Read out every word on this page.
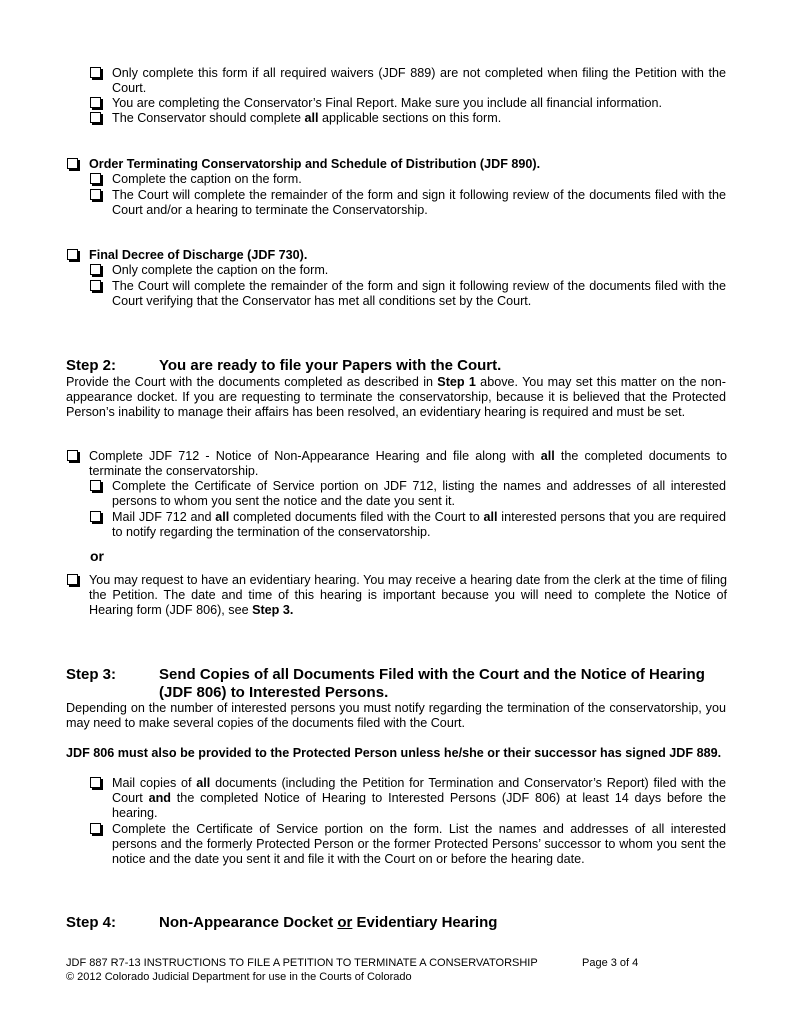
Only complete this form if all required waivers (JDF 889) are not completed when filing the Petition with the Court.
You are completing the Conservator’s Final Report. Make sure you include all financial information.
The Conservator should complete all applicable sections on this form.
Order Terminating Conservatorship and Schedule of Distribution (JDF 890).
Complete the caption on the form.
The Court will complete the remainder of the form and sign it following review of the documents filed with the Court and/or a hearing to terminate the Conservatorship.
Final Decree of Discharge (JDF 730).
Only complete the caption on the form.
The Court will complete the remainder of the form and sign it following review of the documents filed with the Court verifying that the Conservator has met all conditions set by the Court.
Step 2:	You are ready to file your Papers with the Court.
Provide the Court with the documents completed as described in Step 1 above. You may set this matter on the non-appearance docket. If you are requesting to terminate the conservatorship, because it is believed that the Protected Person’s inability to manage their affairs has been resolved, an evidentiary hearing is required and must be set.
Complete JDF 712 - Notice of Non-Appearance Hearing and file along with all the completed documents to terminate the conservatorship.
Complete the Certificate of Service portion on JDF 712, listing the names and addresses of all interested persons to whom you sent the notice and the date you sent it.
Mail JDF 712 and all completed documents filed with the Court to all interested persons that you are required to notify regarding the termination of the conservatorship.
or
You may request to have an evidentiary hearing. You may receive a hearing date from the clerk at the time of filing the Petition. The date and time of this hearing is important because you will need to complete the Notice of Hearing form (JDF 806), see Step 3.
Step 3:	Send Copies of all Documents Filed with the Court and the Notice of Hearing (JDF 806) to Interested Persons.
Depending on the number of interested persons you must notify regarding the termination of the conservatorship, you may need to make several copies of the documents filed with the Court.
JDF 806 must also be provided to the Protected Person unless he/she or their successor has signed JDF 889.
Mail copies of all documents (including the Petition for Termination and Conservator’s Report) filed with the Court and the completed Notice of Hearing to Interested Persons (JDF 806) at least 14 days before the hearing.
Complete the Certificate of Service portion on the form. List the names and addresses of all interested persons and the formerly Protected Person or the former Protected Persons’ successor to whom you sent the notice and the date you sent it and file it with the Court on or before the hearing date.
Step 4:	Non-Appearance Docket or Evidentiary Hearing
JDF 887 R7-13 INSTRUCTIONS TO FILE A PETITION TO TERMINATE A CONSERVATORSHIP	Page 3 of 4
© 2012 Colorado Judicial Department for use in the Courts of Colorado
